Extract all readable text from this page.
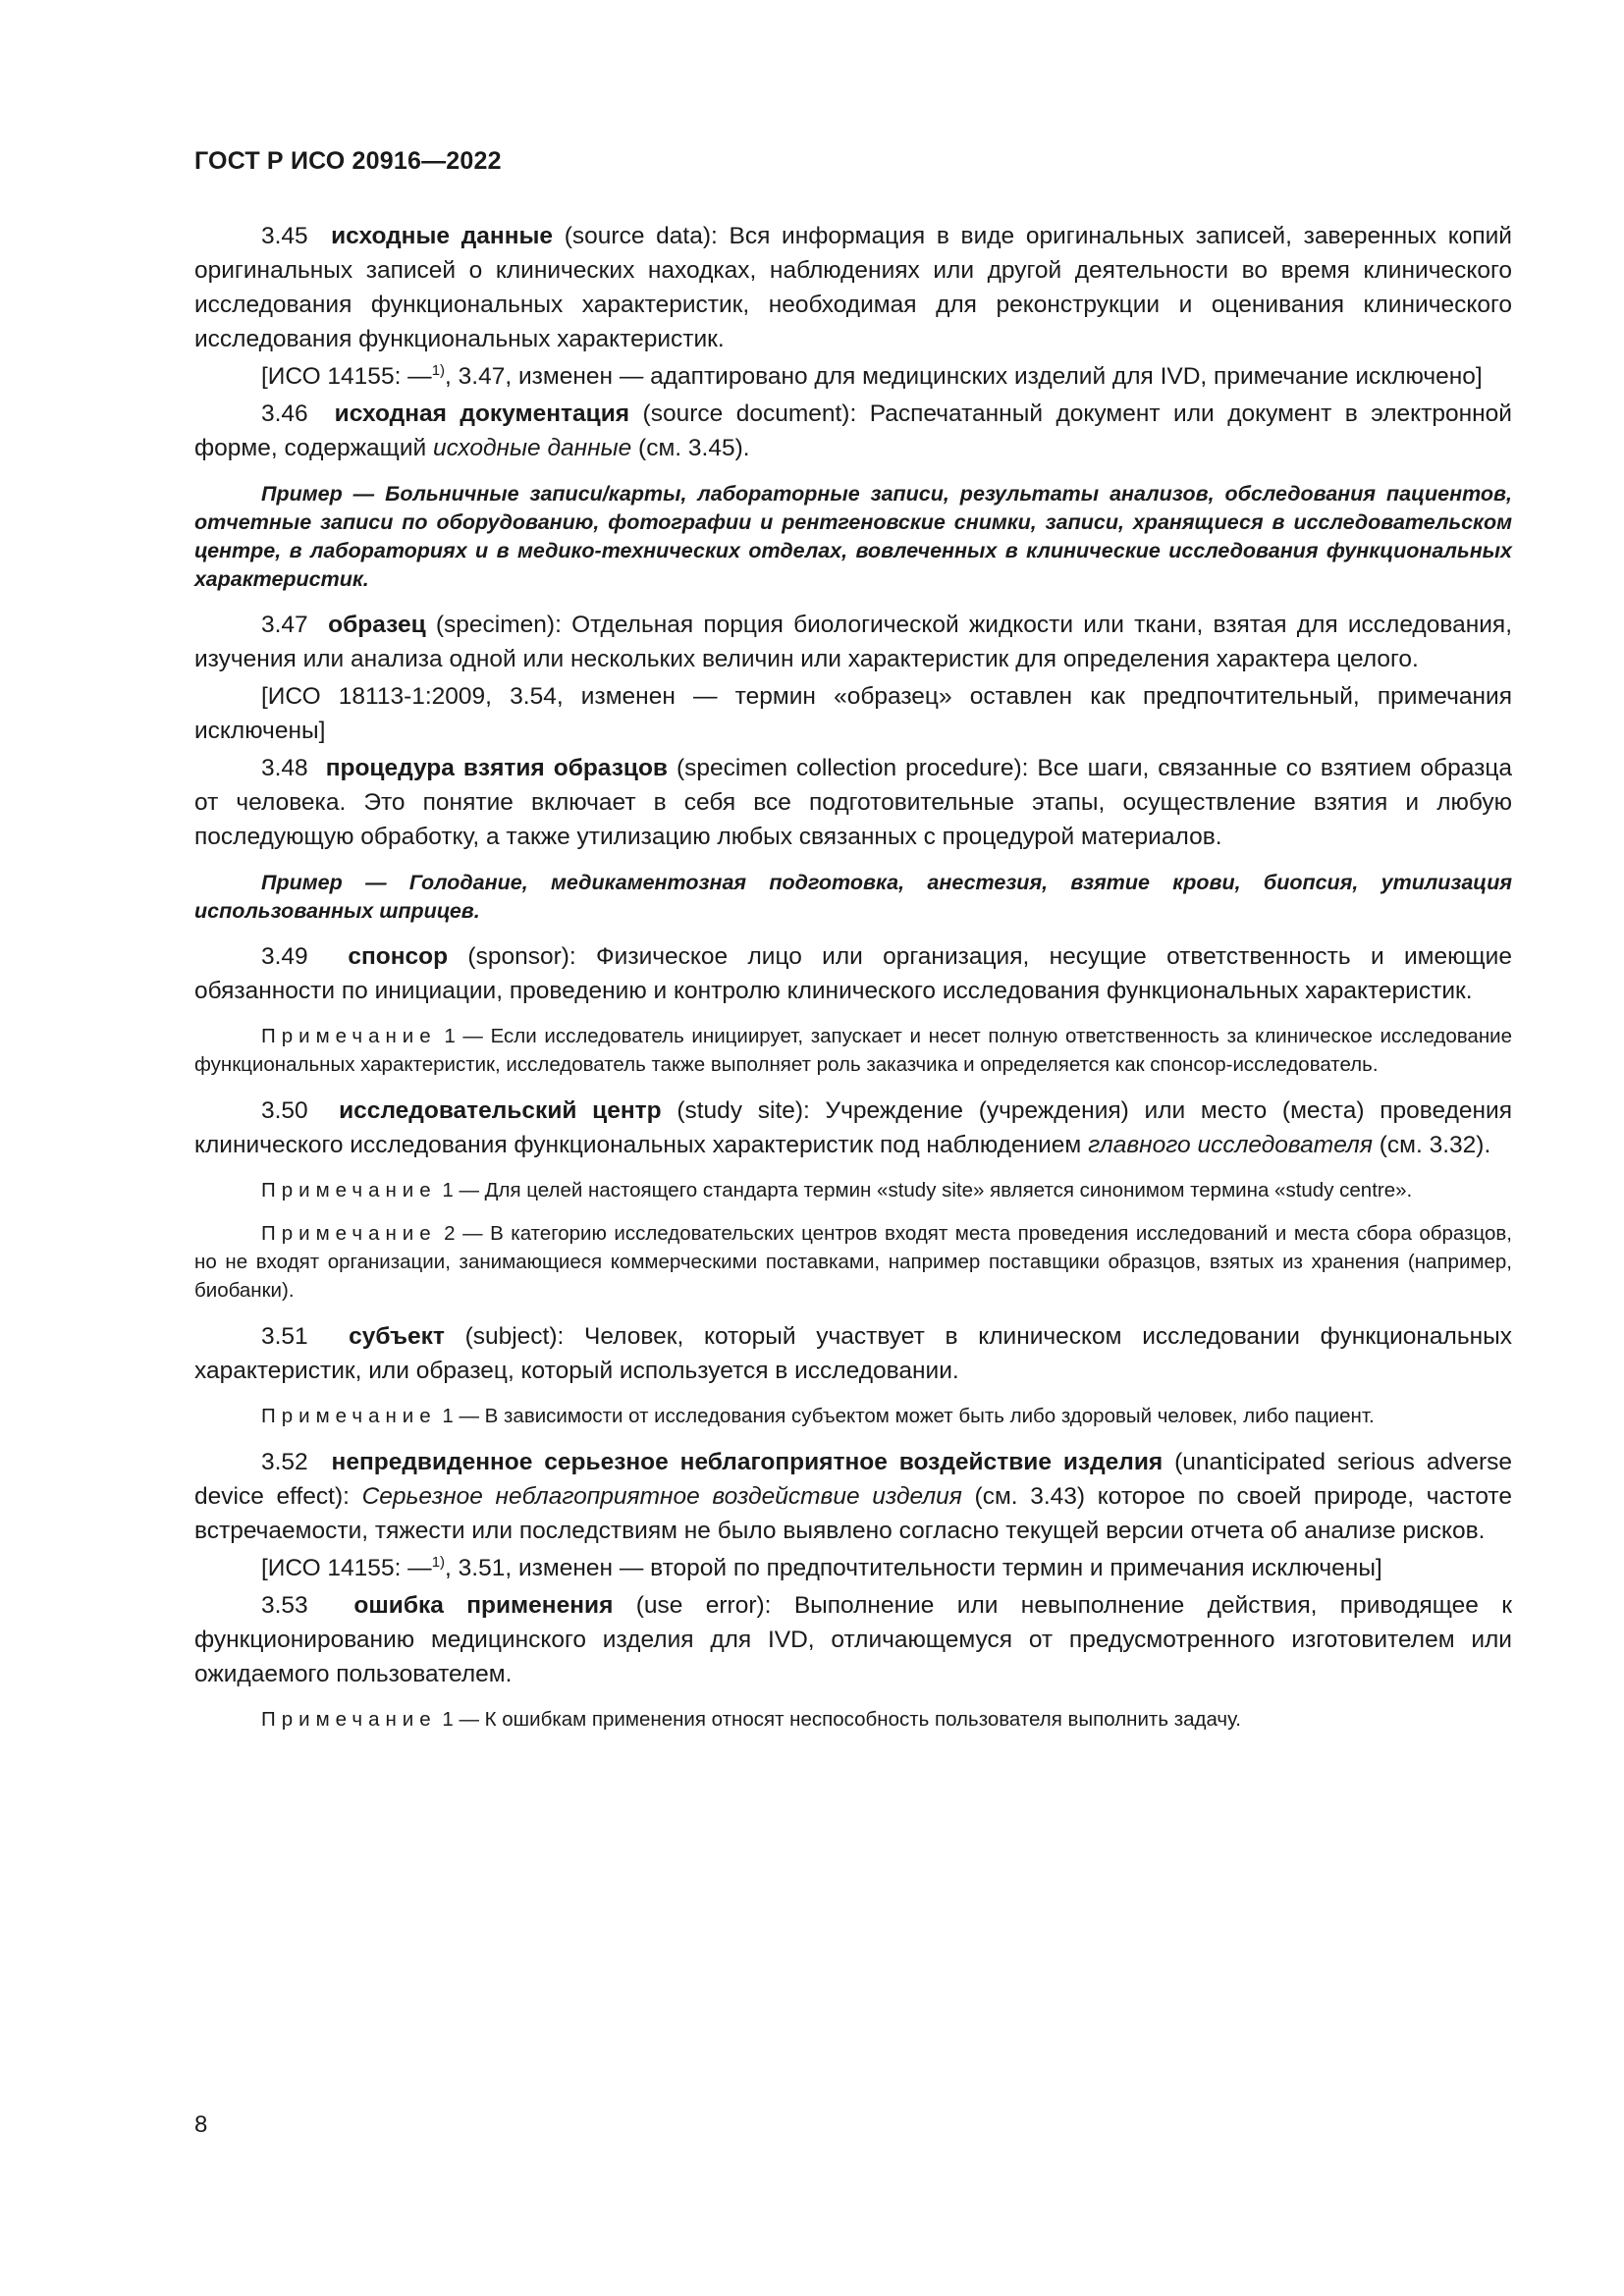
ГОСТ Р ИСО 20916—2022

3.45 исходные данные (source data): Вся информация в виде оригинальных записей, заверенных копий оригинальных записей о клинических находках, наблюдениях или другой деятельности во время клинического исследования функциональных характеристик, необходимая для реконструкции и оценивания клинического исследования функциональных характеристик.

[ИСО 14155: —$^{1)}$, 3.47, изменен — адаптировано для медицинских изделий для IVD, примечание исключено]

3.46 исходная документация (source document): Распечатанный документ или документ в электронной форме, содержащий исходные данные (см. 3.45).

Пример — Больничные записи/карты, лабораторные записи, результаты анализов, обследования пациентов, отчетные записи по оборудованию, фотографии и рентгеновские снимки, записи, хранящиеся в исследовательском центре, в лабораториях и в медико-технических отделах, вовлеченных в клинические исследования функциональных характеристик.

3.47 образец (specimen): Отдельная порция биологической жидкости или ткани, взятая для исследования, изучения или анализа одной или нескольких величин или характеристик для определения характера целого.

[ИСО 18113-1:2009, 3.54, изменен — термин «образец» оставлен как предпочтительный, примечания исключены]

3.48 процедура взятия образцов (specimen collection procedure): Все шаги, связанные со взятием образца от человека. Это понятие включает в себя все подготовительные этапы, осуществление взятия и любую последующую обработку, а также утилизацию любых связанных с процедурой материалов.

Пример — Голодание, медикаментозная подготовка, анестезия, взятие крови, биопсия, утилизация использованных шприцев.

3.49 спонсор (sponsor): Физическое лицо или организация, несущие ответственность и имеющие обязанности по инициации, проведению и контролю клинического исследования функциональных характеристик.

Примечание 1 — Если исследователь инициирует, запускает и несет полную ответственность за клиническое исследование функциональных характеристик, исследователь также выполняет роль заказчика и определяется как спонсор-исследователь.

3.50 исследовательский центр (study site): Учреждение (учреждения) или место (места) проведения клинического исследования функциональных характеристик под наблюдением главного исследователя (см. 3.32).

Примечание 1 — Для целей настоящего стандарта термин «study site» является синонимом термина «study centre».

Примечание 2 — В категорию исследовательских центров входят места проведения исследований и места сбора образцов, но не входят организации, занимающиеся коммерческими поставками, например поставщики образцов, взятых из хранения (например, биобанки).

3.51 субъект (subject): Человек, который участвует в клиническом исследовании функциональных характеристик, или образец, который используется в исследовании.

Примечание 1 — В зависимости от исследования субъектом может быть либо здоровый человек, либо пациент.

3.52 непредвиденное серьезное неблагоприятное воздействие изделия (unanticipated serious adverse device effect): Серьезное неблагоприятное воздействие изделия (см. 3.43) которое по своей природе, частоте встречаемости, тяжести или последствиям не было выявлено согласно текущей версии отчета об анализе рисков.

[ИСО 14155: —$^{1)}$, 3.51, изменен — второй по предпочтительности термин и примечания исключены]

3.53 ошибка применения (use error): Выполнение или невыполнение действия, приводящее к функционированию медицинского изделия для IVD, отличающемуся от предусмотренного изготовителем или ожидаемого пользователем.

Примечание 1 — К ошибкам применения относят неспособность пользователя выполнить задачу.

8
